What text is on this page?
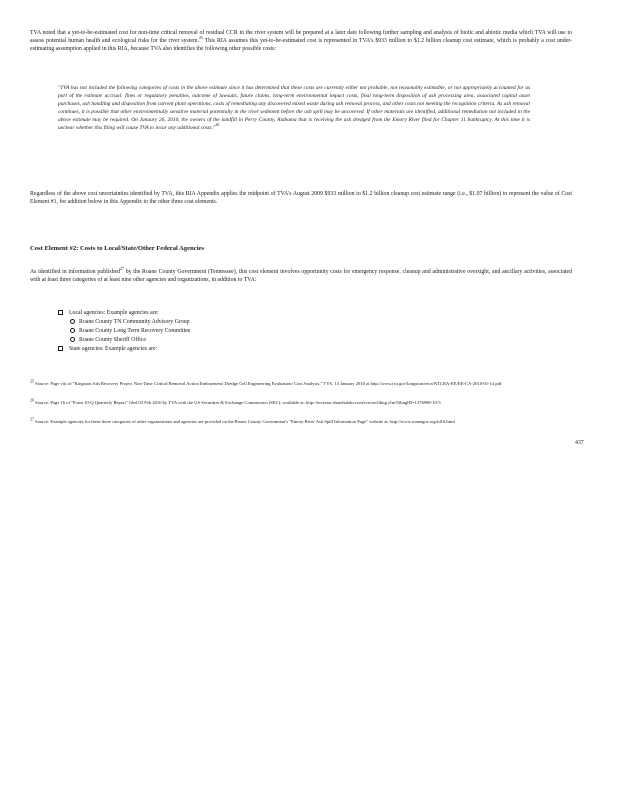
TVA noted that a yet-to-be-estimated cost for non-time critical removal of residual CCR in the river system will be prepared at a later date following further sampling and analysis of biotic and abiotic media which TVA will use to assess potential human health and ecological risks for the river system.$^{25}$ This RIA assumes this yet-to-be-estimated cost is represented in TVA's $933 million to $1.2 billion cleanup cost estimate, which is probably a cost under-estimating assumption applied in this RIA, because TVA also identifies the following other possible costs:

"TVA has not included the following categories of costs in the above estimate since it has determined that these costs are currently either not probable, not reasonably estimable, or not appropriately accounted for as part of the estimate accrual: fines or regulatory penalties, outcome of lawsuits, future claims, long-term environmental impact costs, final long-term disposition of ash processing area, associated capital asset purchases, ash handling and disposition from current plant operations, costs of remediating any discovered mixed waste during ash removal process, and other costs not meeting the recognition criteria. As ash removal continues, it is possible that other environmentally sensitive material potentially in the river sediment before the ash spill may be uncovered. If other materials are identified, additional remediation not included in the above estimate may be required. On January 26, 2010, the owners of the landfill in Perry County, Alabama that is receiving the ash dredged from the Emory River filed for Chapter 11 bankruptcy. At this time it is unclear whether this filing will cause TVA to incur any additional costs."$^{26}$

Regardless of the above cost uncertainties identified by TVA, this RIA Appendix applies the midpoint of TVA's August 2009 $933 million to $1.2 billion cleanup cost estimate range (i.e., $1.07 billion) to represent the value of Cost Element #1, for addition below in this Appendix to the other three cost elements.

Cost Element #2: Costs to Local/State/Other Federal Agencies

As identified in information published$^{27}$ by the Roane County Government (Tennessee), this cost element involves opportunity costs for emergency response, cleanup and administrative oversight, and ancillary activities, associated with at least three categories of at least nine other agencies and organizations, in addition to TVA:

Local agencies: Example agencies are:
Roane County TN Community Advisory Group
Roane County Long Term Recovery Committee
Roane County Sheriff Office
State agencies: Example agencies are:

$^{25}$ Source: Page viii of "Kingston Ash Recovery Project Non-Time Critical Removal Action Embayment/ Dredge Cell Engineering Evaluation/ Cost Analysis," TVA, 15 January 2010 at http://www.tva.gov/kingston/eeca/NTCRA-EE/EE-CA-2010-01-14.pdf

$^{26}$ Source: Page 16 of "Form 10-Q Quarterly Report" filed 03 Feb 2010 by TVA with the US Securities & Exchange Commission (SEC), available at: http://investor.shareholder.com/tva/secfiling.cfm?filingID=1376988-10-5

$^{27}$ Source: Example agencies for these three categories of other organizations and agencies are provided on the Roane County Government's "Emory River Ash Spill Information Page" website at: http://www.roanegov.org/id16.html

437
